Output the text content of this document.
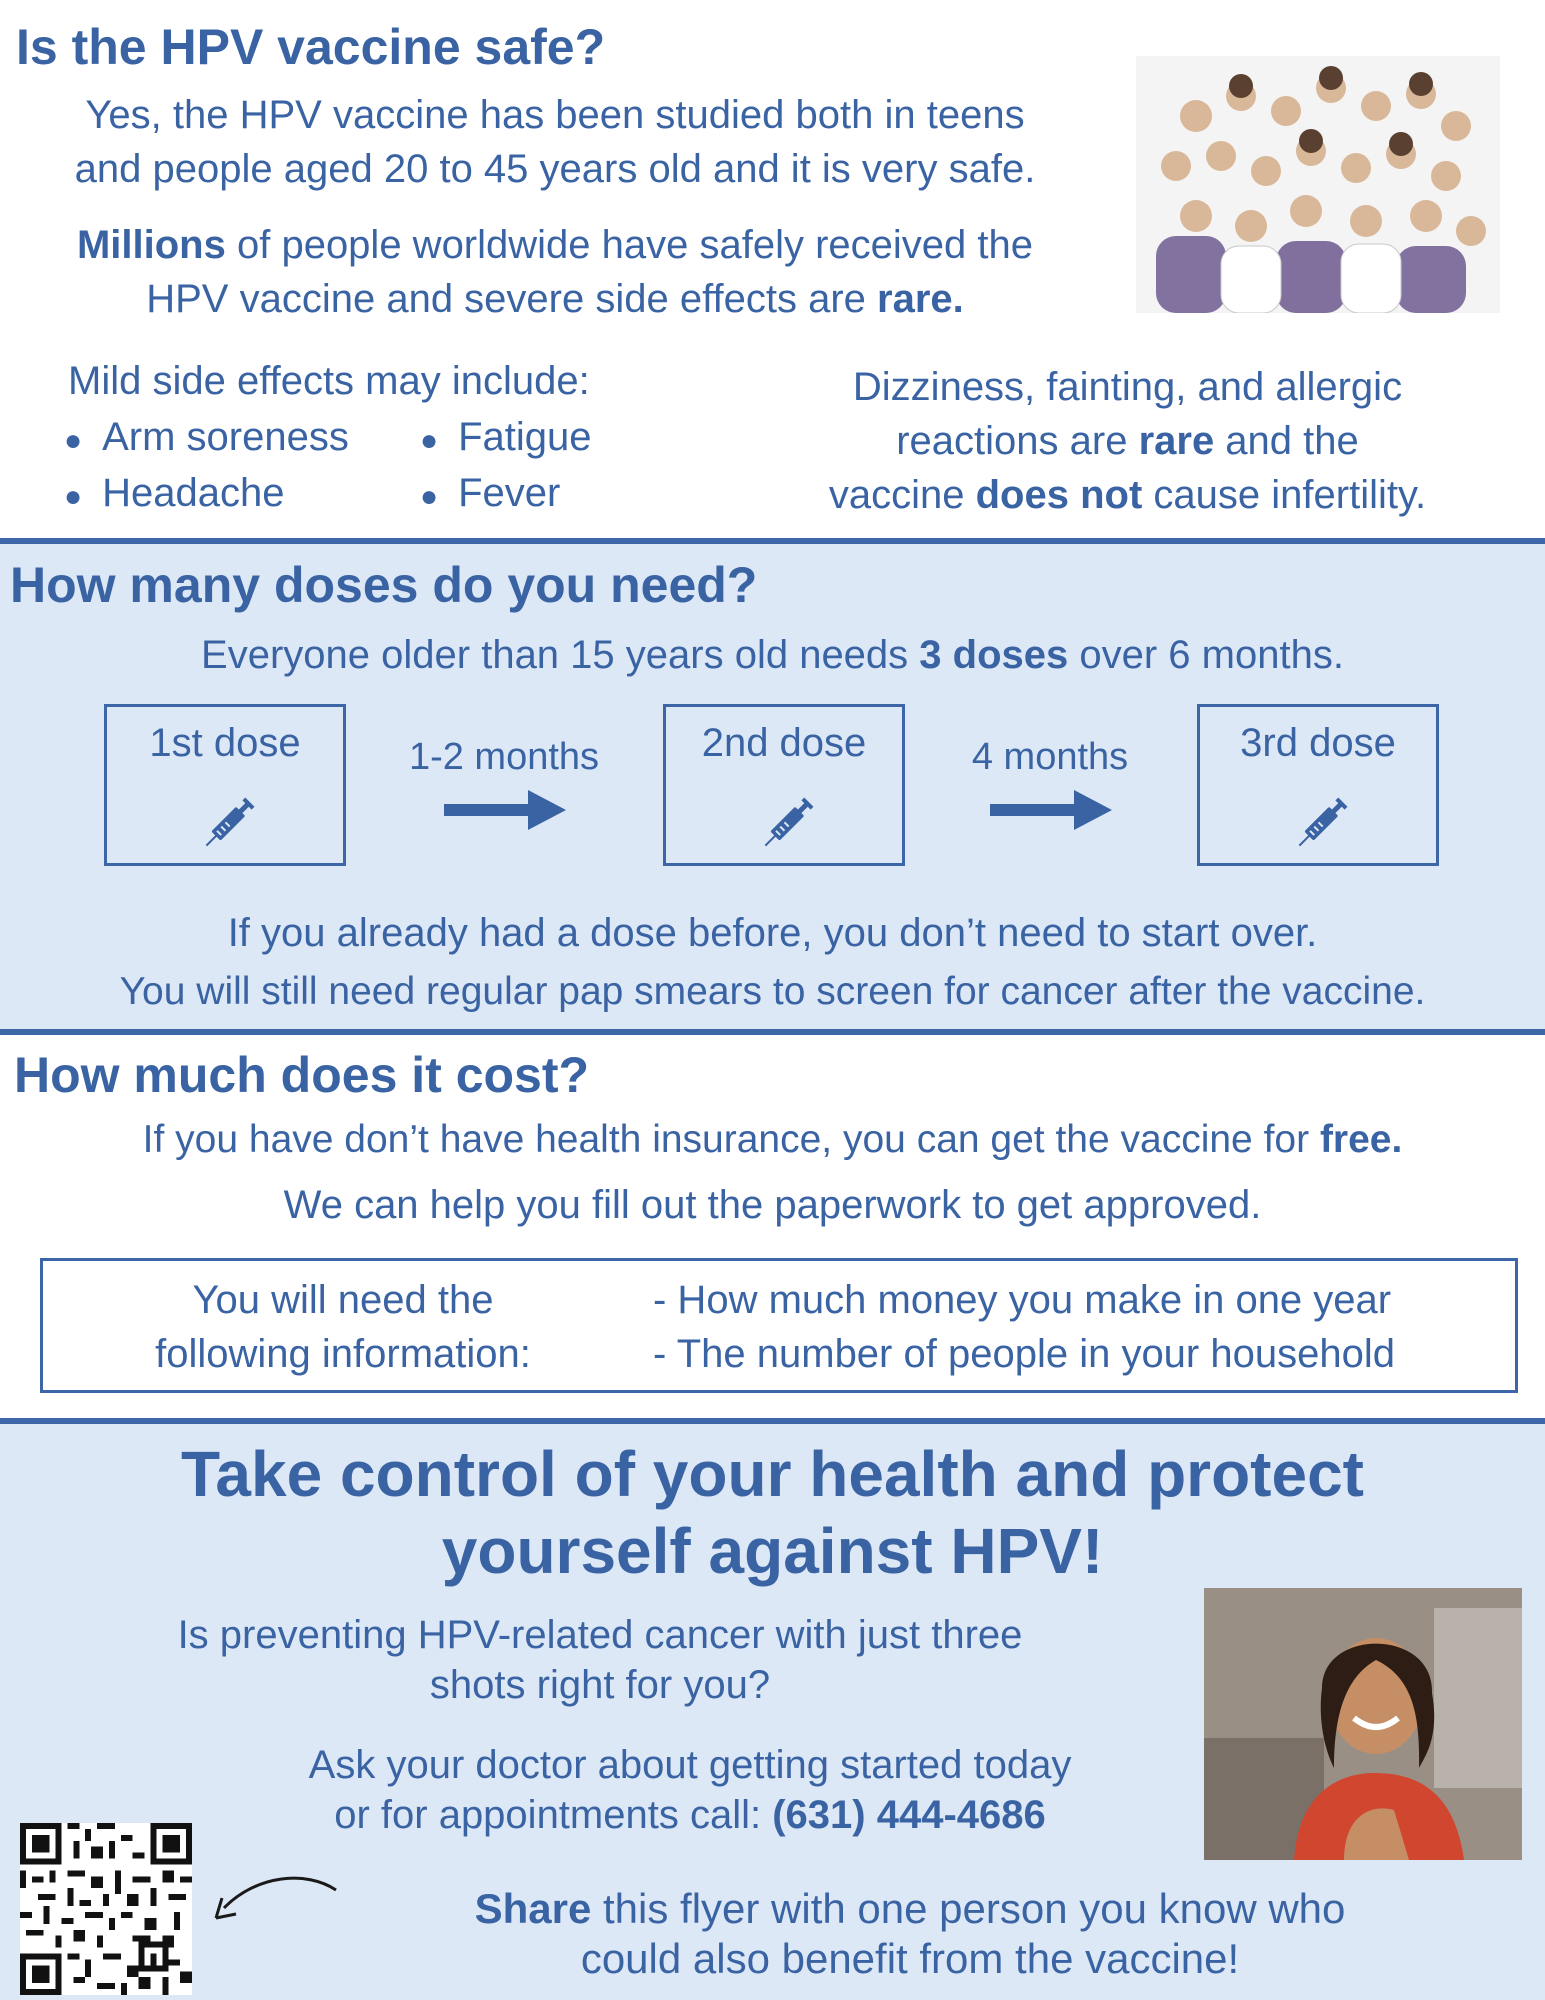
Is the HPV vaccine safe?
Yes, the HPV vaccine has been studied both in teens
and people aged 20 to 45 years old and it is very safe.
Millions of people worldwide have safely received the
HPV vaccine and severe side effects are rare.
Mild side effects may include:
● Arm soreness ● Fatigue
● Headache	● Fever
Dizziness, fainting, and allergic
reactions are rare and the
vaccine does not cause infertility.
How many doses do you need?
Everyone older than 15 years old needs 3 doses over 6 months.
1st dose	1-2 months	2nd dose	4 months	3rd dose
If you already had a dose before, you don’t need to start over.
You will still need regular pap smears to screen for cancer after the vaccine.
How much does it cost?
If you have don’t have health insurance, you can get the vaccine for free.
We can help you fill out the paperwork to get approved.
You will need the
following information:
- How much money you make in one year
- The number of people in your household
Take control of your health and protect
yourself against HPV!
Is preventing HPV-related cancer with just three
shots right for you?
Ask your doctor about getting started today
or for appointments call: (631) 444-4686
Share this flyer with one person you know who
could also benefit from the vaccine!
